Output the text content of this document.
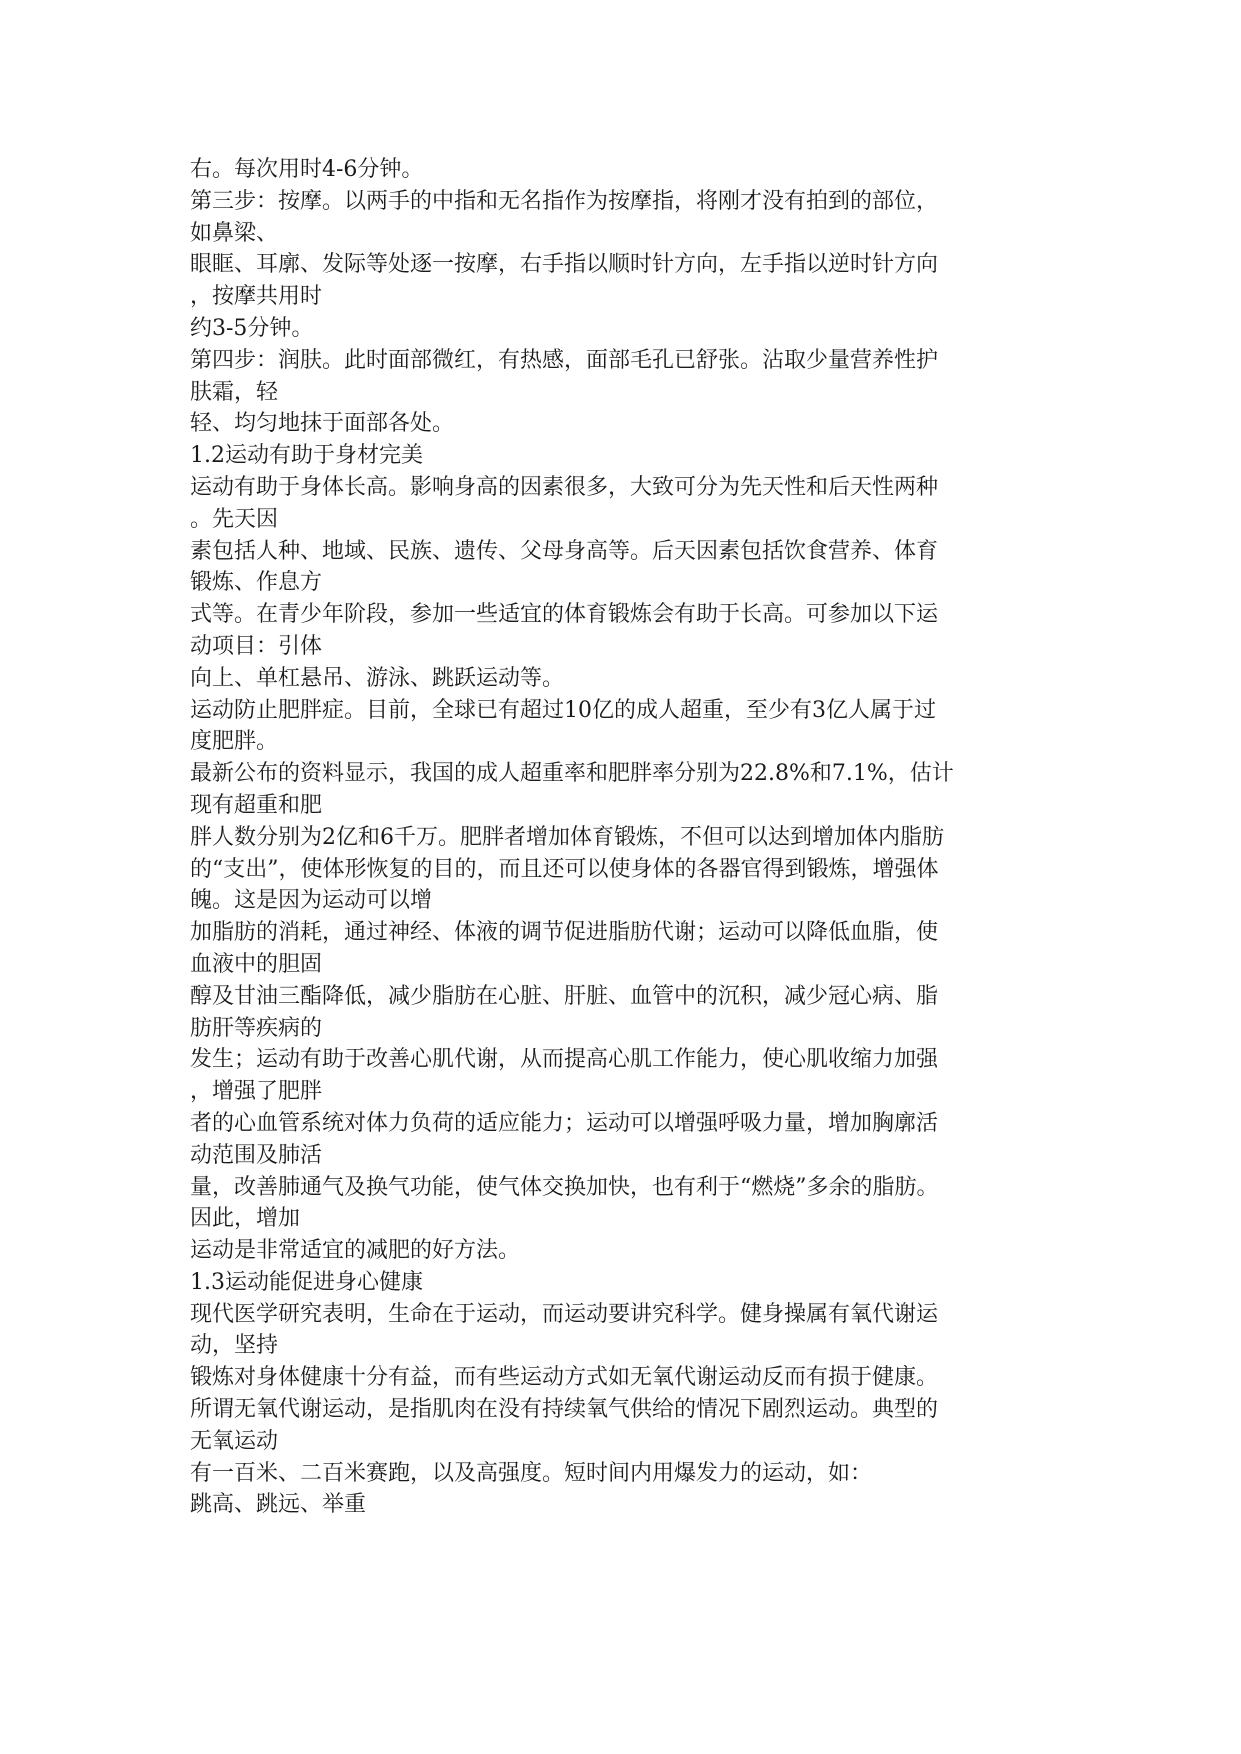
右。每次用时4-6分钟。

第三步：按摩。以两手的中指和无名指作为按摩指，将刚才没有拍到的部位，

如鼻梁、

眼眶、耳廓、发际等处逐一按摩，右手指以顺时针方向，左手指以逆时针方向

，按摩共用时

约3-5分钟。

第四步：润肤。此时面部微红，有热感，面部毛孔已舒张。沾取少量营养性护

肤霜，轻

轻、均匀地抹于面部各处。

1.2运动有助于身材完美

运动有助于身体长高。影响身高的因素很多，大致可分为先天性和后天性两种

。先天因

素包括人种、地域、民族、遗传、父母身高等。后天因素包括饮食营养、体育

锻炼、作息方

式等。在青少年阶段，参加一些适宜的体育锻炼会有助于长高。可参加以下运

动项目：引体

向上、单杠悬吊、游泳、跳跃运动等。

运动防止肥胖症。目前，全球已有超过10亿的成人超重，至少有3亿人属于过

度肥胖。

最新公布的资料显示，我国的成人超重率和肥胖率分别为22.8%和7.1%，估计

现有超重和肥

胖人数分别为2亿和6千万。肥胖者增加体育锻炼，不但可以达到增加体内脂肪

的“支出”，使体形恢复的目的，而且还可以使身体的各器官得到锻炼，增强体

魄。这是因为运动可以增

加脂肪的消耗，通过神经、体液的调节促进脂肪代谢；运动可以降低血脂，使

血液中的胆固

醇及甘油三酯降低，减少脂肪在心脏、肝脏、血管中的沉积，减少冠心病、脂

肪肝等疾病的

发生；运动有助于改善心肌代谢，从而提高心肌工作能力，使心肌收缩力加强

，增强了肥胖

者的心血管系统对体力负荷的适应能力；运动可以增强呼吸力量，增加胸廓活

动范围及肺活

量，改善肺通气及换气功能，使气体交换加快，也有利于“燃烧”多余的脂肪。

因此，增加

运动是非常适宜的减肥的好方法。

1.3运动能促进身心健康

现代医学研究表明，生命在于运动，而运动要讲究科学。健身操属有氧代谢运

动，坚持

锻炼对身体健康十分有益，而有些运动方式如无氧代谢运动反而有损于健康。

所谓无氧代谢运动，是指肌肉在没有持续氧气供给的情况下剧烈运动。典型的

无氧运动

有一百米、二百米赛跑，以及高强度。短时间内用爆发力的运动，如：

跳高、跳远、举重
